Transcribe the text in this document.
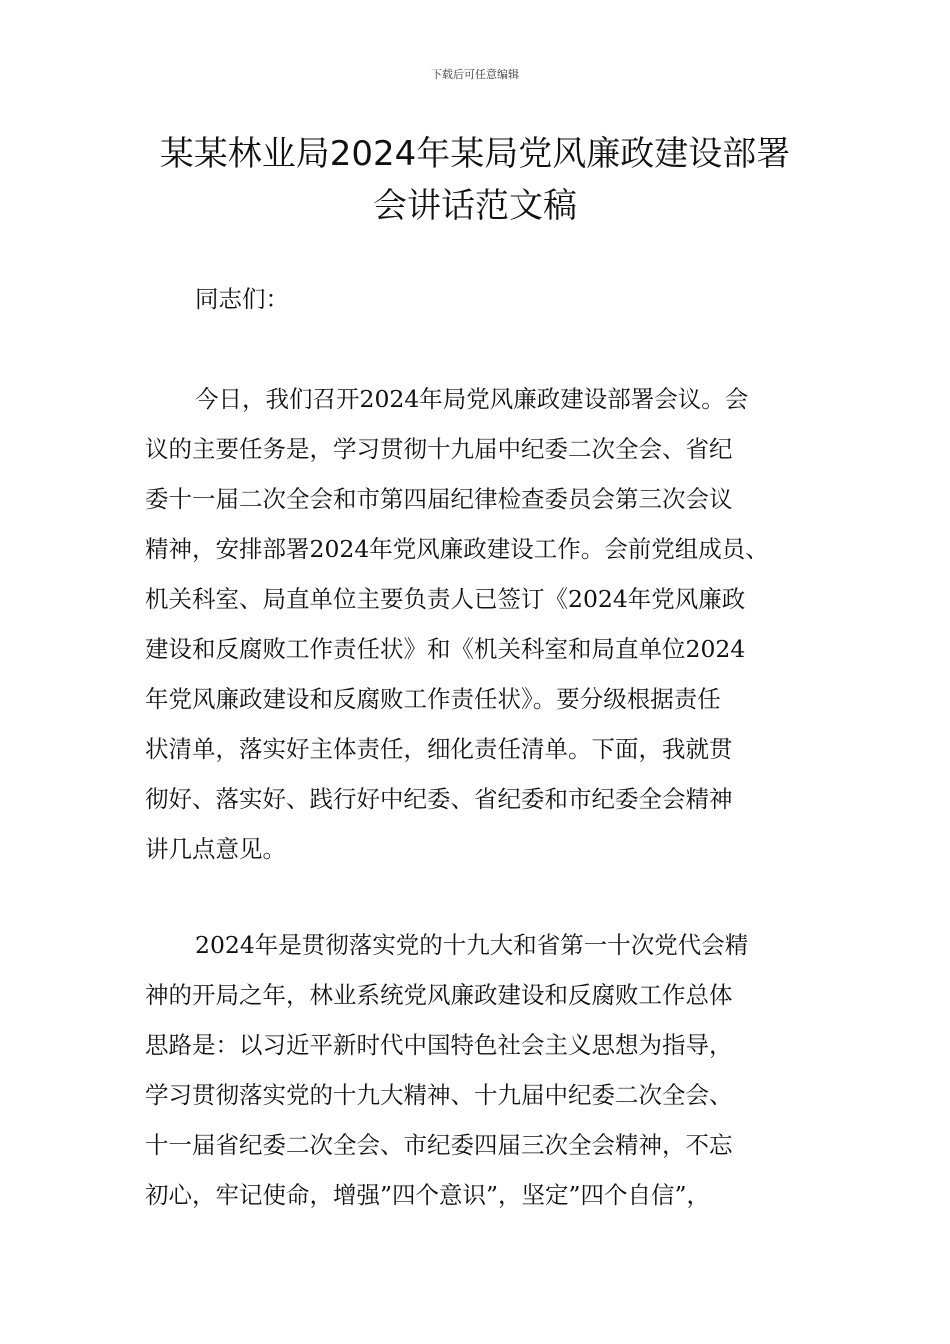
下载后可任意编辑
某某林业局2024年某局党风廉政建设部署
会讲话范文稿
同志们：
今日，我们召开2024年局党风廉政建设部署会议。会
议的主要任务是，学习贯彻十九届中纪委二次全会、省纪
委十一届二次全会和市第四届纪律检查委员会第三次会议
精神，安排部署2024年党风廉政建设工作。会前党组成员、
机关科室、局直单位主要负责人已签订《2024年党风廉政
建设和反腐败工作责任状》和《机关科室和局直单位2024
年党风廉政建设和反腐败工作责任状》。要分级根据责任
状清单，落实好主体责任，细化责任清单。下面，我就贯
彻好、落实好、践行好中纪委、省纪委和市纪委全会精神
讲几点意见。
2024年是贯彻落实党的十九大和省第一十次党代会精
神的开局之年，林业系统党风廉政建设和反腐败工作总体
思路是：以习近平新时代中国特色社会主义思想为指导，
学习贯彻落实党的十九大精神、十九届中纪委二次全会、
十一届省纪委二次全会、市纪委四届三次全会精神，不忘
初心，牢记使命，增强”四个意识”，坚定”四个自信”，
